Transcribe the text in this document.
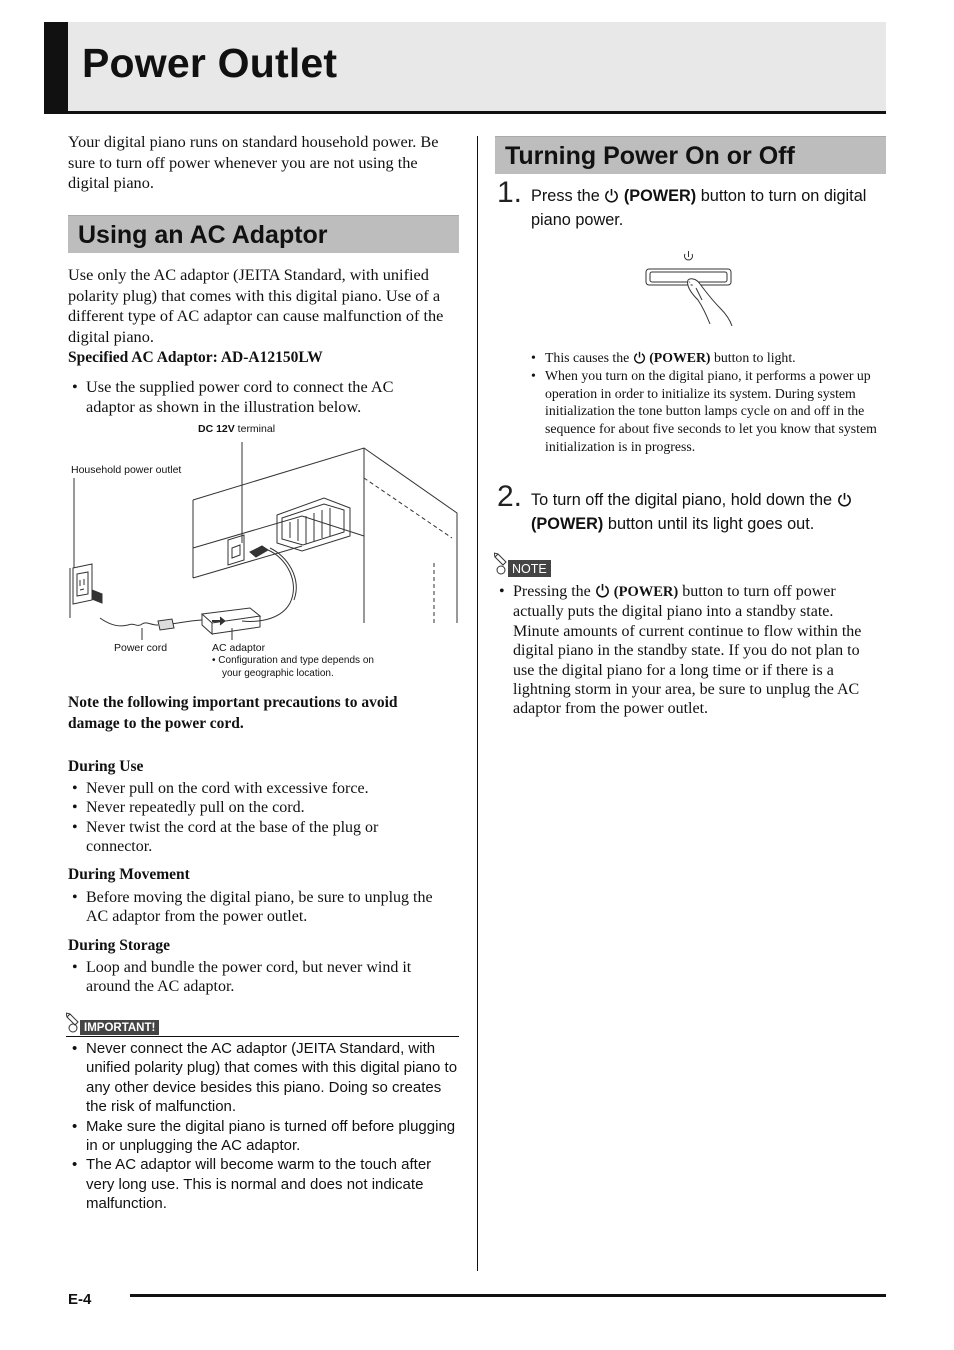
Power Outlet

Your digital piano runs on standard household power. Be sure to turn off power whenever you are not using the digital piano.

Using an AC Adaptor

Use only the AC adaptor (JEITA Standard, with unified polarity plug) that comes with this digital piano. Use of a different type of AC adaptor can cause malfunction of the digital piano.

Specified AC Adaptor: AD-A12150LW

• Use the supplied power cord to connect the AC adaptor as shown in the illustration below.
DC 12V terminal
Household power outlet
Power cord	AC adaptor
• Configuration and type depends on
your geographic location.

Note the following important precautions to avoid damage to the power cord.

During Use
• Never pull on the cord with excessive force.
• Never repeatedly pull on the cord.
• Never twist the cord at the base of the plug or connector.
During Movement
• Before moving the digital piano, be sure to unplug the AC adaptor from the power outlet.
During Storage
• Loop and bundle the power cord, but never wind it around the AC adaptor.
IMPORTANT!
• Never connect the AC adaptor (JEITA Standard, with unified polarity plug) that comes with this digital piano to any other device besides this piano. Doing so creates the risk of malfunction.
• Make sure the digital piano is turned off before plugging in or unplugging the AC adaptor.
• The AC adaptor will become warm to the touch after very long use. This is normal and does not indicate malfunction.
Turning Power On or Off
1. Press the  (POWER) button to turn on digital piano power.
• This causes the  (POWER) button to light.
• When you turn on the digital piano, it performs a power up operation in order to initialize its system. During system initialization the tone button lamps cycle on and off in the sequence for about five seconds to let you know that system initialization is in progress.
2. To turn off the digital piano, hold down the  (POWER) button until its light goes out.
NOTE
• Pressing the  (POWER) button to turn off power actually puts the digital piano into a standby state. Minute amounts of current continue to flow within the digital piano in the standby state. If you do not plan to use the digital piano for a long time or if there is a lightning storm in your area, be sure to unplug the AC adaptor from the power outlet.
E-4
